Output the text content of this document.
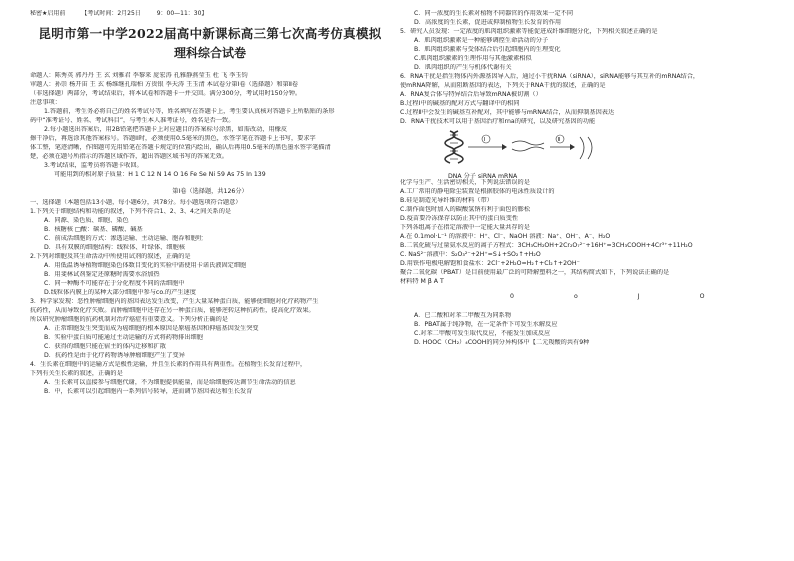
秘密★启用前	【考试时间：2月25日	9：00—11：30】
昆明市第一中学2022届高中新课标高三第七次高考仿真模拟
理科综合试卷

命题人：陈秀英 郭丹丹 王 玄 刘雅君 李黎来 庞宏涛 孔雅静燕莹玉 杜 飞 李玉钧

审题人：孙崇 杨开宙 王 玄 杨维继孔瑞柏 方贵银 李天涛 王玉清 本试卷分第Ⅰ卷（选择题）和第Ⅱ卷

（非选择题）两部分，考试结束后，将本试卷和答题卡一并交回。满分300分，考试用时150分钟。

注意事项：

1.答题前，考生务必将自己的姓名考试号等，姓名填写在答题卡上，考生要认真核对答题卡上所粘贴的条形

码中“准考证号、姓名、考试科目”，与考生本人准考证号，姓名是否一致。

2.每小题选出答案后，用2B铅笔把答题卡上对应题目的答案标号涂黑，如需改动，用橡皮

擦干净后，再选涂其他答案标号。答题II时，必须使用0.5毫米的黑色，水签字笔在答题卡上书写，要求字

体工整，笔迹清晰，作图题可先用铅笔在答题卡规定的位置内绘出，确认后再用0.5毫米的黑色墨水签字笔描清

楚，必须在题号所指示的答题区域作答，超出答题区域书写的答案无效。

3.考试结束，监考员将答题卡收回。

可能用到的相对原子质量：H 1 C 12 N 14 O 16 Fe Se Ni 59 As 75 In 139

第Ⅰ卷（选择题，共126分）

一、选择题（本题包括13小题，每小题6分，共78分。每小题选项符合题意）

1.下列关于细胞结构和功能的叙述，下列不符合1、2、3、4之间关系的是

A．同源、染色质、细胞、染色

B．核糖核 □酸：碳基、磷酸、碱基

C．前成活细胞的方式：渗透运输、主动运输、胞吞和胞吐

D．具有双膜的细胞结构：线粒体、叶绿体、细胞核

2.下列对细胞及其生命活动中所使用试剂的叙述，正确的是

A．用低温诱导植物细胞染色体数目变化的实验中需使用卡诺氏液固定细胞

B．用斐林试剂鉴定还原糖时需要水浴加热

C．同一种酶不可能存在于分化程度不同的活细胞中

D.线粒体内膜上的某种大部分细胞中参与co.的产生速度

3．科学家发现：恶性肿瘤细胞内的基因表达发生改变，产生大量某种蛋白质，能够使细胞对化疗药物产生

抗药性，从而导致化疗失败。而肿瘤细胞中还存在另一种蛋白质，能够逆转这种抗药性，提高化疗效果。

所以研究肿瘤细胞的抗药机制对治疗癌症有重要意义。下列分析正确的是

A．正常细胞发生突变而成为癌细胞的根本原因是原癌基因和抑癌基因发生突变

B．实验中蛋白质可能通过主动运输的方式将药物排出细胞

C．获得的细胞只能在宿主的体内迁移和扩散

D．抗药性是由于化疗药物诱导肿瘤细胞产生了变异

4．生长素在细胞中的运输方式是极性运输，并且生长素的作用具有两重性。在植物生长发育过程中，

下列有关生长素的叙述，正确的是

A．生长素可以直接参与细胞代谢，不为细胞提供能量，而是给细胞传达调节生命活动的信息

B．中，长素可以引起细胞内一系列信号转导，进而调节基因表达和生长发育

C．同一浓度的生长素对植物不同器官的作用效果一定不同

D．高浓度的生长素，促进或抑制植物生长发育的作用

5．研究人员发现：一定浓度的肌肉组织激素等能促进成纤维细胞分化，下列相关叙述正确的是

A．肌肉组织激素是一种能够调控生命活动的分子

B．肌肉组织激素与受体结合后引起细胞内的生理变化

C.肌肉组织激素的生理作用与其他激素相似

D．肌肉组织的产生与机体代谢有关

6．RNA干扰是指生物体内外源基因导入后，通过小干扰RNA（siRNA），siRNA能够与其互补的mRNA结合，

使mRNA降解，从而阻断基因的表达，下列关于RNA干扰的叙述，正确的是

A．RNA复合体与特异结合后导致mRNA被切割（）

B.过程Ⅰ中的碱基的配对方式与翻译中的相同

C.过程Ⅱ中会发生的碱基互补配对，其中能够与mRNA结合，从而抑制基因表达

D．RNA干扰技术可以用于基因治疗和rna的研究，以及研究基因的功能

Ⅰ	Ⅱ
DNA 分子 siRNA mRNA

化学与生产、生活密切相关，下列说法错误的是

A.工厂常用的静电除尘装置是根据胶体的电泳性质设计的

B.硅是制造光导纤维的材料（带）

C.制作面包时加入的碳酸氢钠有利于面包的膨松

D.疫苗要冷冻保存以防止其中的蛋白质变性

下列各组离子在指定溶液中一定能大量共存的是

A.在 0.1mol·L⁻¹ 的溶液中：H⁺、Cl⁻、NaOH 溶液：Na⁺、OH⁻、A⁻、H₂O

B.二氧化硫与过量氨水反应的离子方程式：3CH₃CH₂OH+2Cr₂O₇²⁻+16H⁺=3CH₃COOH+4Cr³⁺+11H₂O

C. NaS²⁻溶液中：S₂O₃²⁻+2H⁺=S↓+SO₂↑+H₂O

D.用铁作电极电解饱和食盐水：2Cl⁻+2H₂O=H₂↑+Cl₂↑+2OH⁻

聚合二氧化碳（PBAT）是目前使用最广泛的可降解塑料之一，其结构简式如下，下列说法正确的是

材料特 M β A T

0	o	J	O

A．已二酸和对苯二甲酸互为同系物

B．PBAT属于纯净物，在一定条件下可发生水解反应

C.对苯二甲酸可发生取代反应，不能发生加成反应

D. HOOC（CH₂）₄COOH的同分异构体中【二元羧酸的共有9种
